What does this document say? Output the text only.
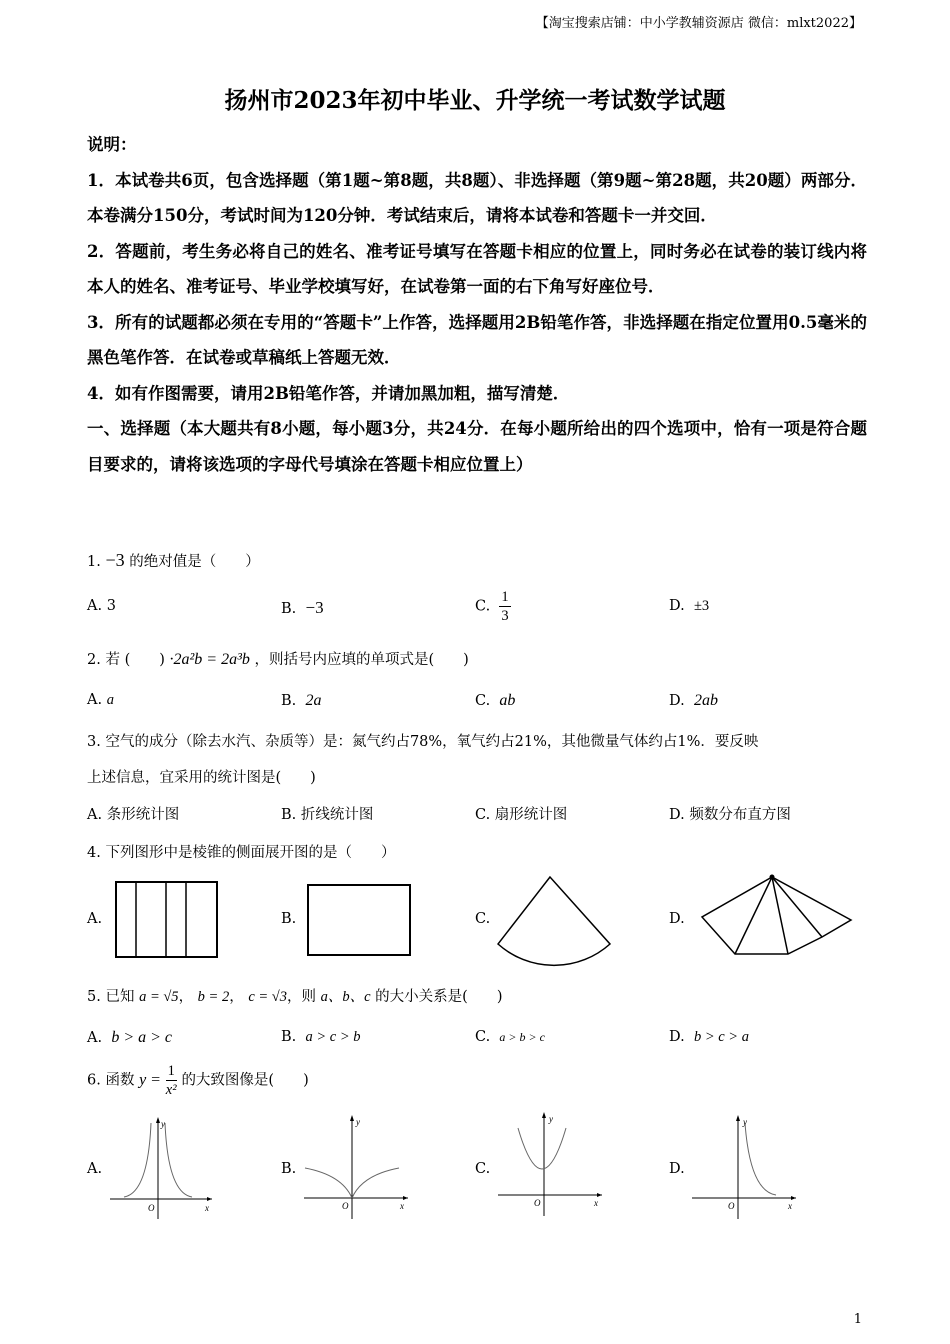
【淘宝搜索店铺：中小学教辅资源店 微信：mlxt2022】
扬州市2023年初中毕业、升学统一考试数学试题

说明：

1．本试卷共6页，包含选择题（第1题~第8题，共8题）、非选择题（第9题~第28题，共20题）两部分．本卷满分150分，考试时间为120分钟．考试结束后，请将本试卷和答题卡一并交回．

2．答题前，考生务必将自己的姓名、准考证号填写在答题卡相应的位置上，同时务必在试卷的装订线内将本人的姓名、准考证号、毕业学校填写好，在试卷第一面的右下角写好座位号．

3．所有的试题都必须在专用的“答题卡”上作答，选择题用2B铅笔作答，非选择题在指定位置用0.5毫米的黑色笔作答．在试卷或草稿纸上答题无效．

4．如有作图需要，请用2B铅笔作答，并请加黑加粗，描写清楚．

一、选择题（本大题共有8小题，每小题3分，共24分．在每小题所给出的四个选项中，恰有一项是符合题目要求的，请将该选项的字母代号填涂在答题卡相应位置上）

1. −3 的绝对值是（　　）
A. 3	B. −3	C. $\frac{1}{3}$	D. ±3
2. 若 (　　) ·2a²b = 2a³b ，则括号内应填的单项式是(　　)
A. a	B. 2a	C. ab	D. 2ab
3. 空气的成分（除去水汽、杂质等）是：氮气约占78%，氧气约占21%，其他微量气体约占1%．要反映
上述信息，宜采用的统计图是(　　)
A. 条形统计图	B. 折线统计图	C. 扇形统计图	D. 频数分布直方图
4. 下列图形中是棱锥的侧面展开图的是（　　）
A.	B.	C.	D.
5. 已知 a = √5， b = 2， c = √3，则 a、b、c 的大小关系是(　　)
A. b > a > c	B. a > c > b	C. a > b > c	D. b > c > a
6. 函数 $y = \frac{1}{\text{x²}}$ 的大致图像是(　　)
A.	B.	C.	D.
y
x
O
y
x
O
y
x
O
y
x
O
1
